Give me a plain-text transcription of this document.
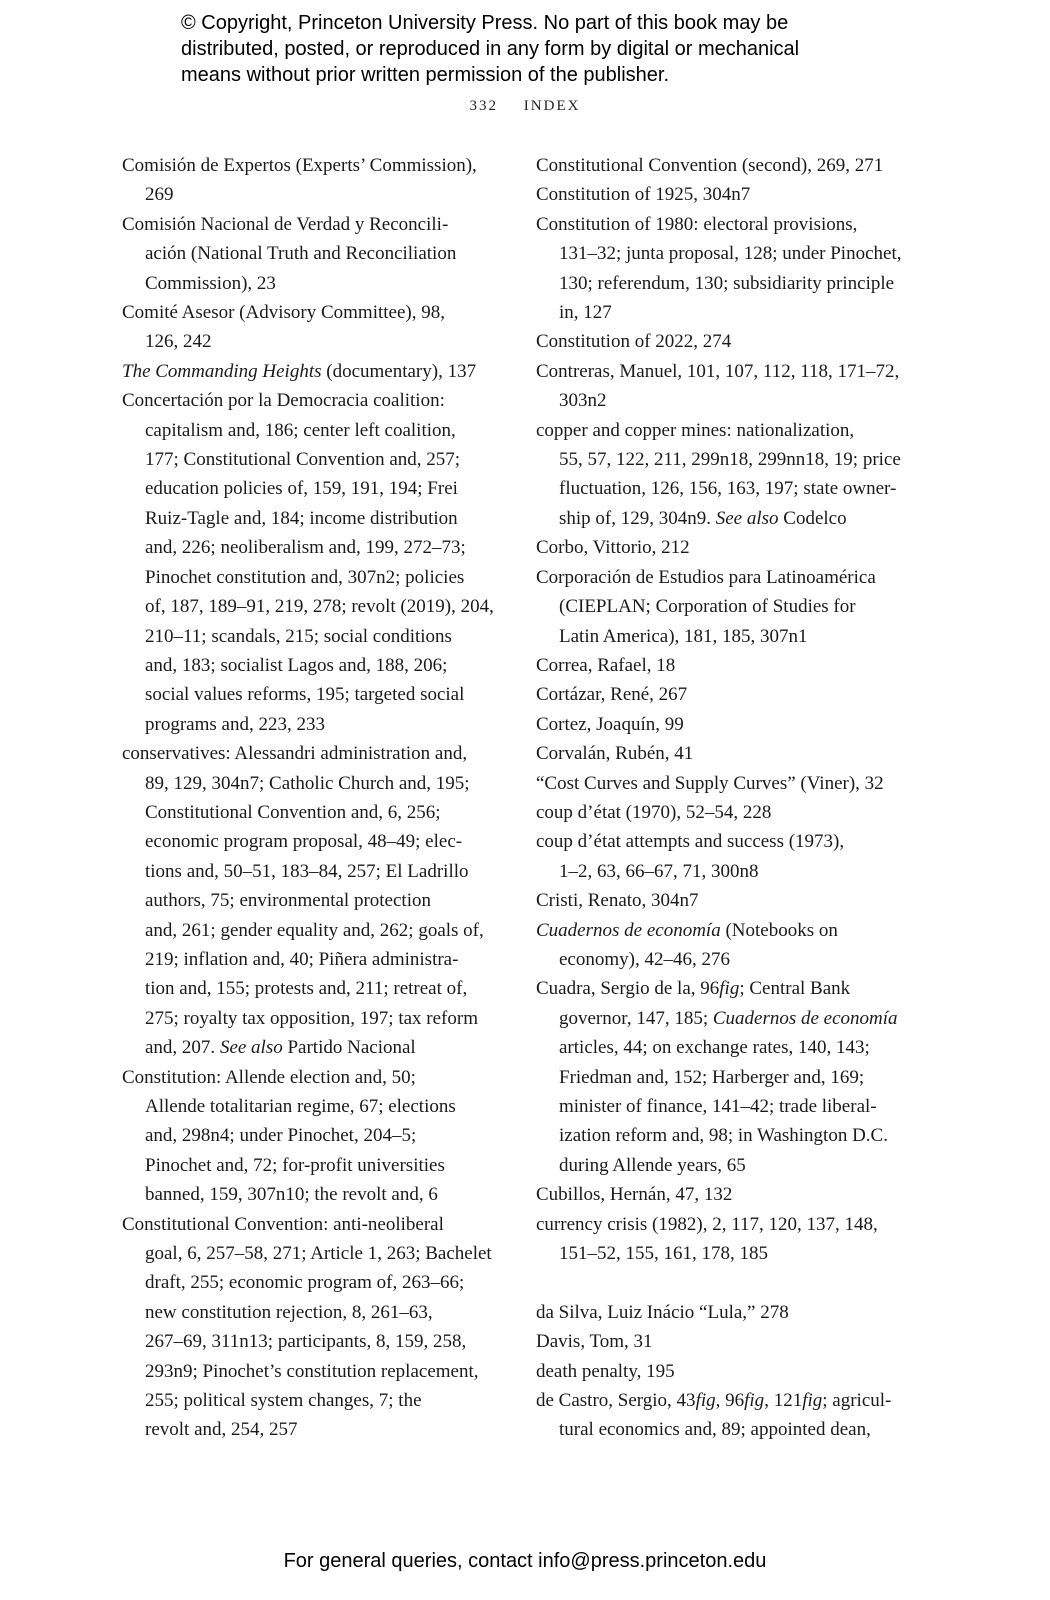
© Copyright, Princeton University Press. No part of this book may be
distributed, posted, or reproduced in any form by digital or mechanical
means without prior written permission of the publisher.
332 INDEX
Comisión de Expertos (Experts’ Commission),
269
Comisión Nacional de Verdad y Reconcili-
ación (National Truth and Reconciliation
Commission), 23
Comité Asesor (Advisory Committee), 98,
126, 242
The Commanding Heights (documentary), 137
Concertación por la Democracia coalition:
capitalism and, 186; center left coalition,
177; Constitutional Convention and, 257;
education policies of, 159, 191, 194; Frei
Ruiz-Tagle and, 184; income distribution
and, 226; neoliberalism and, 199, 272–73;
Pinochet constitution and, 307n2; policies
of, 187, 189–91, 219, 278; revolt (2019), 204,
210–11; scandals, 215; social conditions
and, 183; socialist Lagos and, 188, 206;
social values reforms, 195; targeted social
programs and, 223, 233
conservatives: Alessandri administration and,
89, 129, 304n7; Catholic Church and, 195;
Constitutional Convention and, 6, 256;
economic program proposal, 48–49; elec-
tions and, 50–51, 183–84, 257; El Ladrillo
authors, 75; environmental protection
and, 261; gender equality and, 262; goals of,
219; inflation and, 40; Piñera administra-
tion and, 155; protests and, 211; retreat of,
275; royalty tax opposition, 197; tax reform
and, 207. See also Partido Nacional
Constitution: Allende election and, 50;
Allende totalitarian regime, 67; elections
and, 298n4; under Pinochet, 204–5;
Pinochet and, 72; for-profit universities
banned, 159, 307n10; the revolt and, 6
Constitutional Convention: anti-neoliberal
goal, 6, 257–58, 271; Article 1, 263; Bachelet
draft, 255; economic program of, 263–66;
new constitution rejection, 8, 261–63,
267–69, 311n13; participants, 8, 159, 258,
293n9; Pinochet’s constitution replacement,
255; political system changes, 7; the
revolt and, 254, 257
Constitutional Convention (second), 269, 271
Constitution of 1925, 304n7
Constitution of 1980: electoral provisions,
131–32; junta proposal, 128; under Pinochet,
130; referendum, 130; subsidiarity principle
in, 127
Constitution of 2022, 274
Contreras, Manuel, 101, 107, 112, 118, 171–72,
303n2
copper and copper mines: nationalization,
55, 57, 122, 211, 299n18, 299nn18, 19; price
fluctuation, 126, 156, 163, 197; state owner-
ship of, 129, 304n9. See also Codelco
Corbo, Vittorio, 212
Corporación de Estudios para Latinoamérica
(CIEPLAN; Corporation of Studies for
Latin America), 181, 185, 307n1
Correa, Rafael, 18
Cortázar, René, 267
Cortez, Joaquín, 99
Corvalán, Rubén, 41
“Cost Curves and Supply Curves” (Viner), 32
coup d’état (1970), 52–54, 228
coup d’état attempts and success (1973),
1–2, 63, 66–67, 71, 300n8
Cristi, Renato, 304n7
Cuadernos de economía (Notebooks on
economy), 42–46, 276
Cuadra, Sergio de la, 96fig; Central Bank
governor, 147, 185; Cuadernos de economía
articles, 44; on exchange rates, 140, 143;
Friedman and, 152; Harberger and, 169;
minister of finance, 141–42; trade liberal-
ization reform and, 98; in Washington D.C.
during Allende years, 65
Cubillos, Hernán, 47, 132
currency crisis (1982), 2, 117, 120, 137, 148,
151–52, 155, 161, 178, 185
da Silva, Luiz Inácio “Lula,” 278
Davis, Tom, 31
death penalty, 195
de Castro, Sergio, 43fig, 96fig, 121fig; agricul-
tural economics and, 89; appointed dean,
For general queries, contact info@press.princeton.edu
